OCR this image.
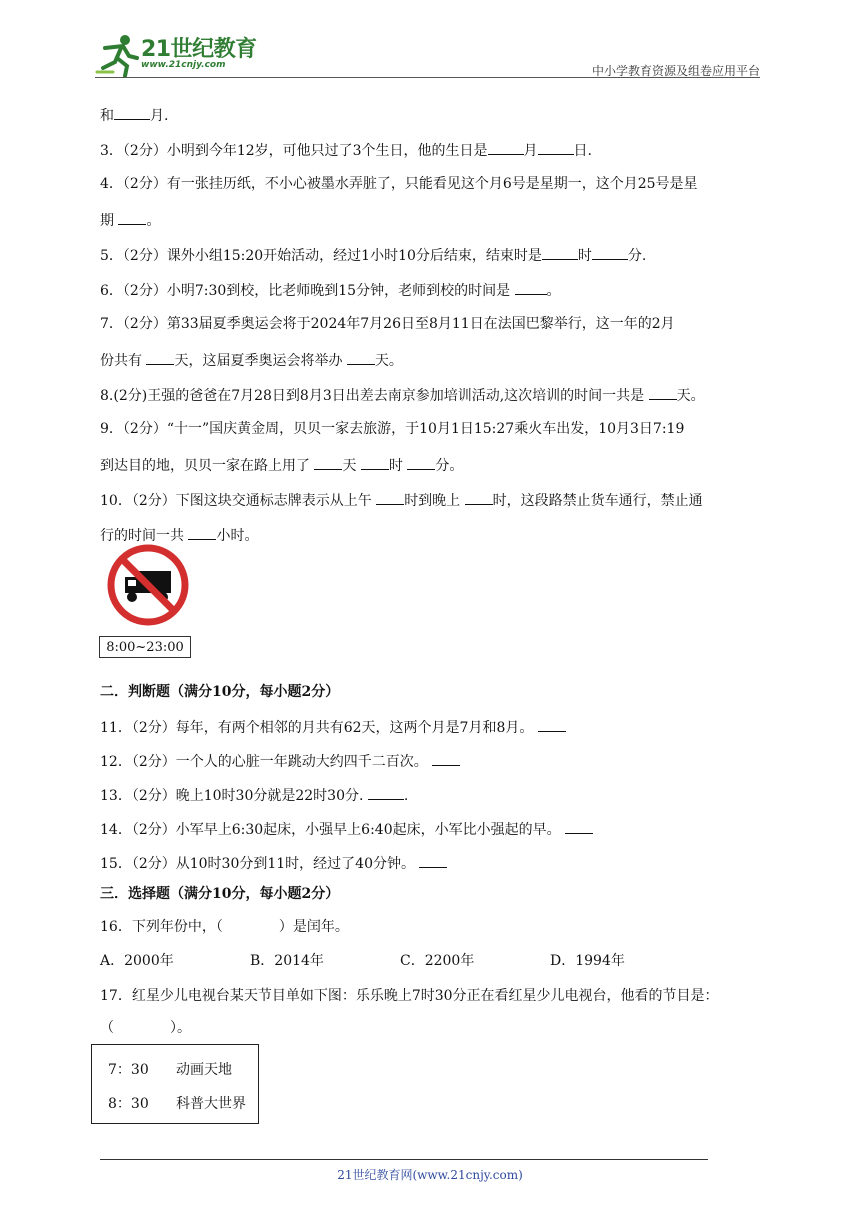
21世纪教育
www.21cnjy.com	中小学教育资源及组卷应用平台
和	月.
3．（2分）小明到今年12岁，可他只过了3个生日，他的生日是	月	日.
4．（2分）有一张挂历纸，不小心被墨水弄脏了，只能看见这个月6号是星期一，这个月25号是星
期 。
5．（2分）课外小组15:20开始活动，经过1小时10分后结束，结束时是	时	分.
6．（2分）小明7:30到校，比老师晚到15分钟，老师到校的时间是	。
7．（2分）第33届夏季奥运会将于2024年7月26日至8月11日在法国巴黎举行，这一年的2月
份共有 天，这届夏季奥运会将举办 天。
8.(2分)王强的爸爸在7月28日到8月3日出差去南京参加培训活动,这次培训的时间一共是 天。
9．（2分）“十一”国庆黄金周，贝贝一家去旅游，于10月1日15:27乘火车出发，10月3日7:19
到达目的地，贝贝一家在路上用了 天 时 分。
10．（2分）下图这块交通标志牌表示从上午 时到晚上 时，这段路禁止货车通行，禁止通
行的时间一共 小时。
8:00~23:00
二．判断题（满分10分，每小题2分）
11．（2分）每年，有两个相邻的月共有62天，这两个月是7月和8月。
12．（2分）一个人的心脏一年跳动大约四千二百次。
13．（2分）晚上10时30分就是22时30分.	.
14．（2分）小军早上6:30起床，小强早上6:40起床，小军比小强起的早。
15．（2分）从10时30分到11时，经过了40分钟。
三．选择题（满分10分，每小题2分）
16．下列年份中，（　　　　）是闰年。
A．2000年	B．2014年	C．2200年	D．1994年
17．红星少儿电视台某天节目单如下图：乐乐晚上7时30分正在看红星少儿电视台，他看的节目是：
（　　　　）。
7：30 动画天地
8：30 科普大世界
21世纪教育网(www.21cnjy.com)
